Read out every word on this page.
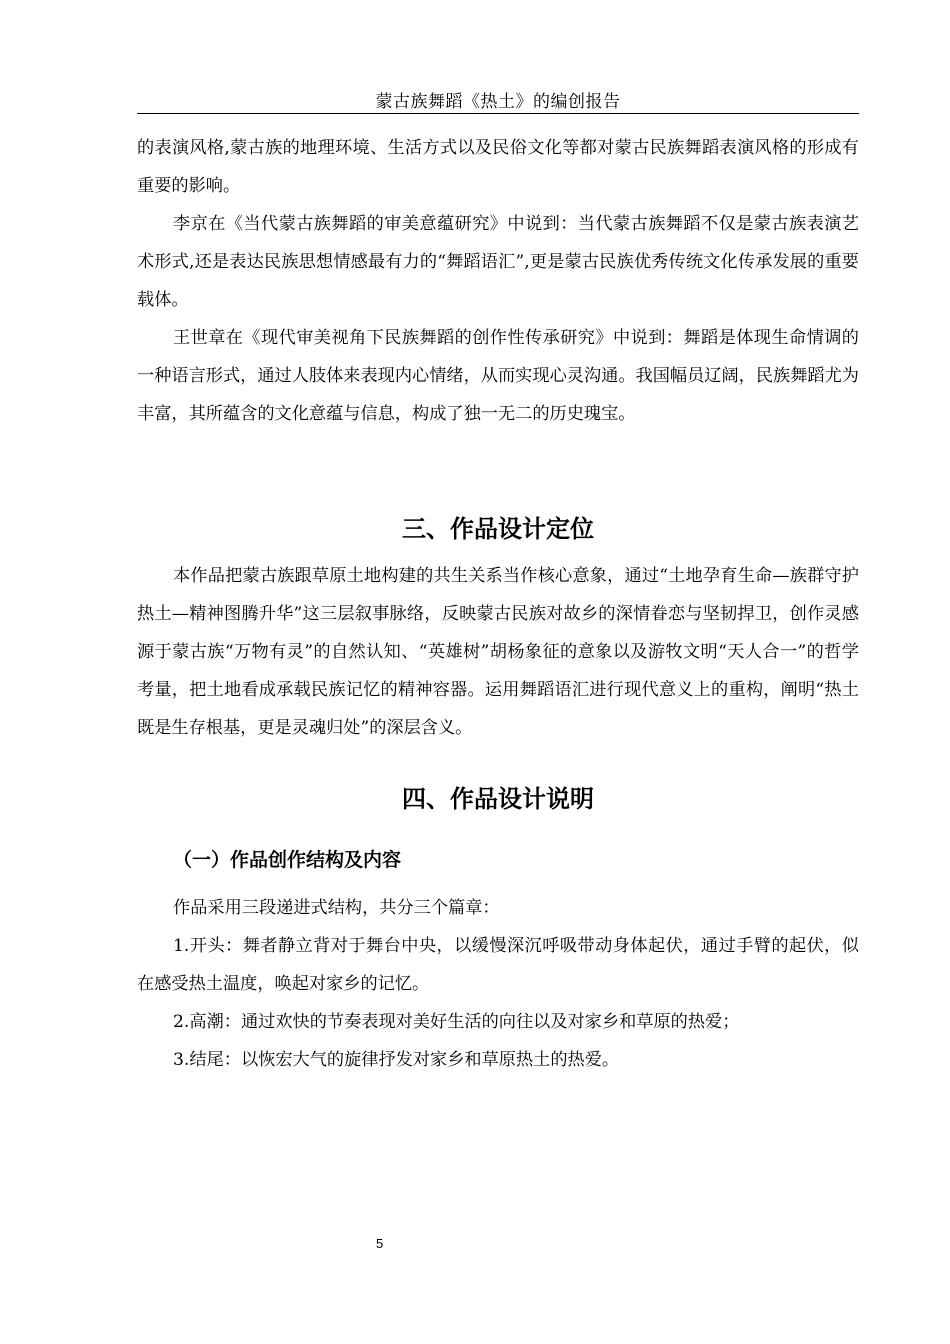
蒙古族舞蹈《热土》的编创报告

的表演风格,蒙古族的地理环境、生活方式以及民俗文化等都对蒙古民族舞蹈表演风格的形成有重要的影响。

李京在《当代蒙古族舞蹈的审美意蕴研究》中说到：当代蒙古族舞蹈不仅是蒙古族表演艺术形式,还是表达民族思想情感最有力的“舞蹈语汇”,更是蒙古民族优秀传统文化传承发展的重要载体。

王世章在《现代审美视角下民族舞蹈的创作性传承研究》中说到：舞蹈是体现生命情调的一种语言形式，通过人肢体来表现内心情绪，从而实现心灵沟通。我国幅员辽阔，民族舞蹈尤为丰富，其所蕴含的文化意蕴与信息，构成了独一无二的历史瑰宝。

三、作品设计定位

本作品把蒙古族跟草原土地构建的共生关系当作核心意象，通过“土地孕育生命—族群守护热土—精神图腾升华”这三层叙事脉络，反映蒙古民族对故乡的深情眷恋与坚韧捍卫，创作灵感源于蒙古族“万物有灵”的自然认知、“英雄树”胡杨象征的意象以及游牧文明“天人合一”的哲学考量，把土地看成承载民族记忆的精神容器。运用舞蹈语汇进行现代意义上的重构，阐明“热土既是生存根基，更是灵魂归处”的深层含义。

四、作品设计说明
（一）作品创作结构及内容

作品采用三段递进式结构，共分三个篇章：

1.开头：舞者静立背对于舞台中央，以缓慢深沉呼吸带动身体起伏，通过手臂的起伏，似在感受热土温度，唤起对家乡的记忆。

2.高潮：通过欢快的节奏表现对美好生活的向往以及对家乡和草原的热爱；

3.结尾：以恢宏大气的旋律抒发对家乡和草原热土的热爱。

5
